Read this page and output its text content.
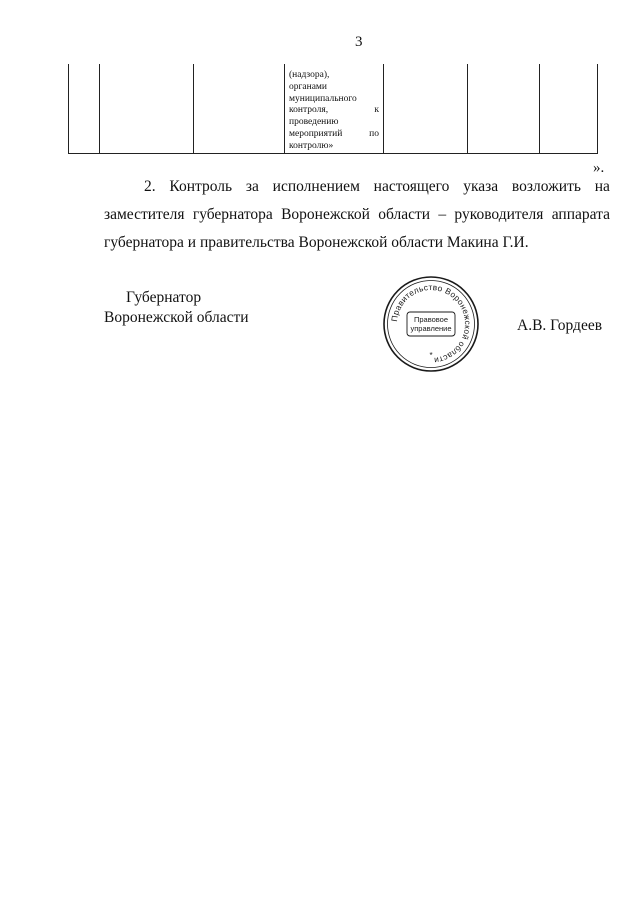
3
(надзора),
органами
муниципального
контроля,	к
проведению
мероприятий	по
контролю»
».
2. Контроль за исполнением настоящего указа возложить на
заместителя губернатора Воронежской области – руководителя аппарата
губернатора и правительства Воронежской области Макина Г.И.
Губернатор
Воронежской области	Правительство Воронежской области
Правовое
управление
*
А.В. Гордеев
